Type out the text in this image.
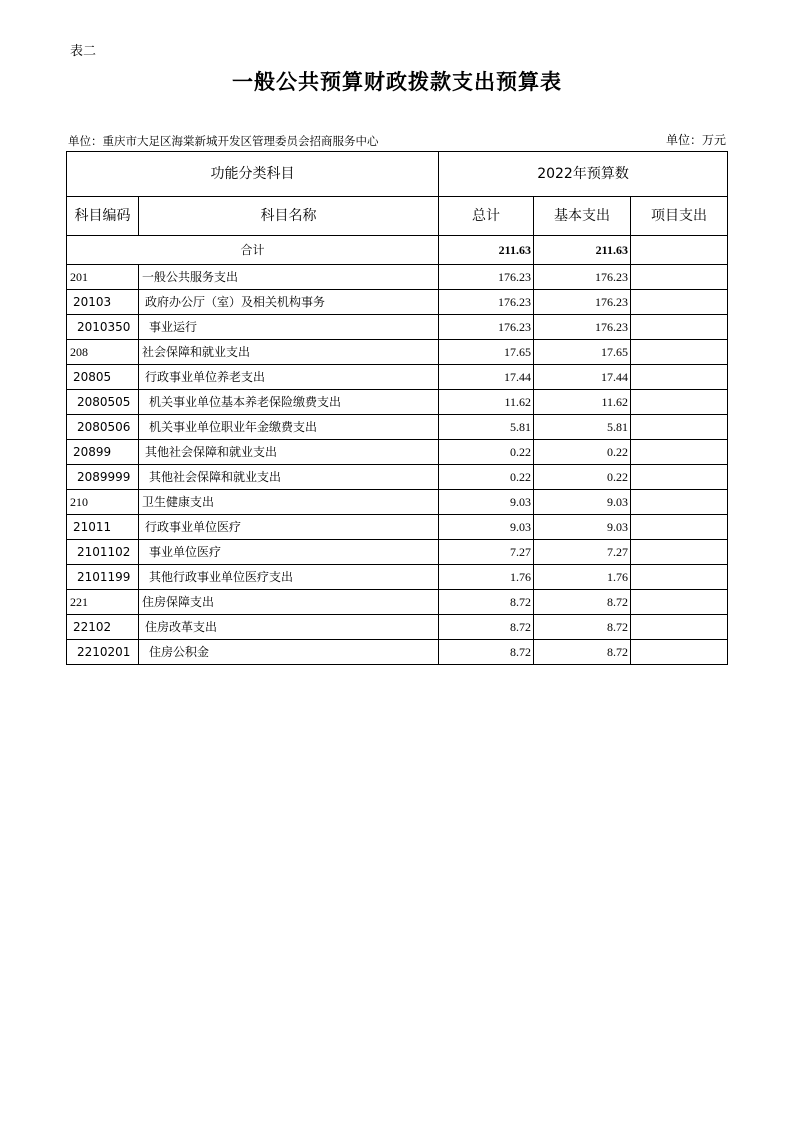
表二
一般公共预算财政拨款支出预算表
单位：重庆市大足区海棠新城开发区管理委员会招商服务中心	单位：万元
功能分类科目		2022年预算数		
科目编码	科目名称	总计	基本支出	项目支出
合计		211.63	211.63	
201	一般公共服务支出	176.23	176.23	
20103	政府办公厅（室）及相关机构事务	176.23	176.23	
2010350	事业运行	176.23	176.23	
208	社会保障和就业支出	17.65	17.65	
20805	行政事业单位养老支出	17.44	17.44	
2080505	机关事业单位基本养老保险缴费支出	11.62	11.62	
2080506	机关事业单位职业年金缴费支出	5.81	5.81	
20899	其他社会保障和就业支出	0.22	0.22	
2089999	其他社会保障和就业支出	0.22	0.22	
210	卫生健康支出	9.03	9.03	
21011	行政事业单位医疗	9.03	9.03	
2101102	事业单位医疗	7.27	7.27	
2101199	其他行政事业单位医疗支出	1.76	1.76	
221	住房保障支出	8.72	8.72	
22102	住房改革支出	8.72	8.72	
2210201	住房公积金	8.72	8.72	
